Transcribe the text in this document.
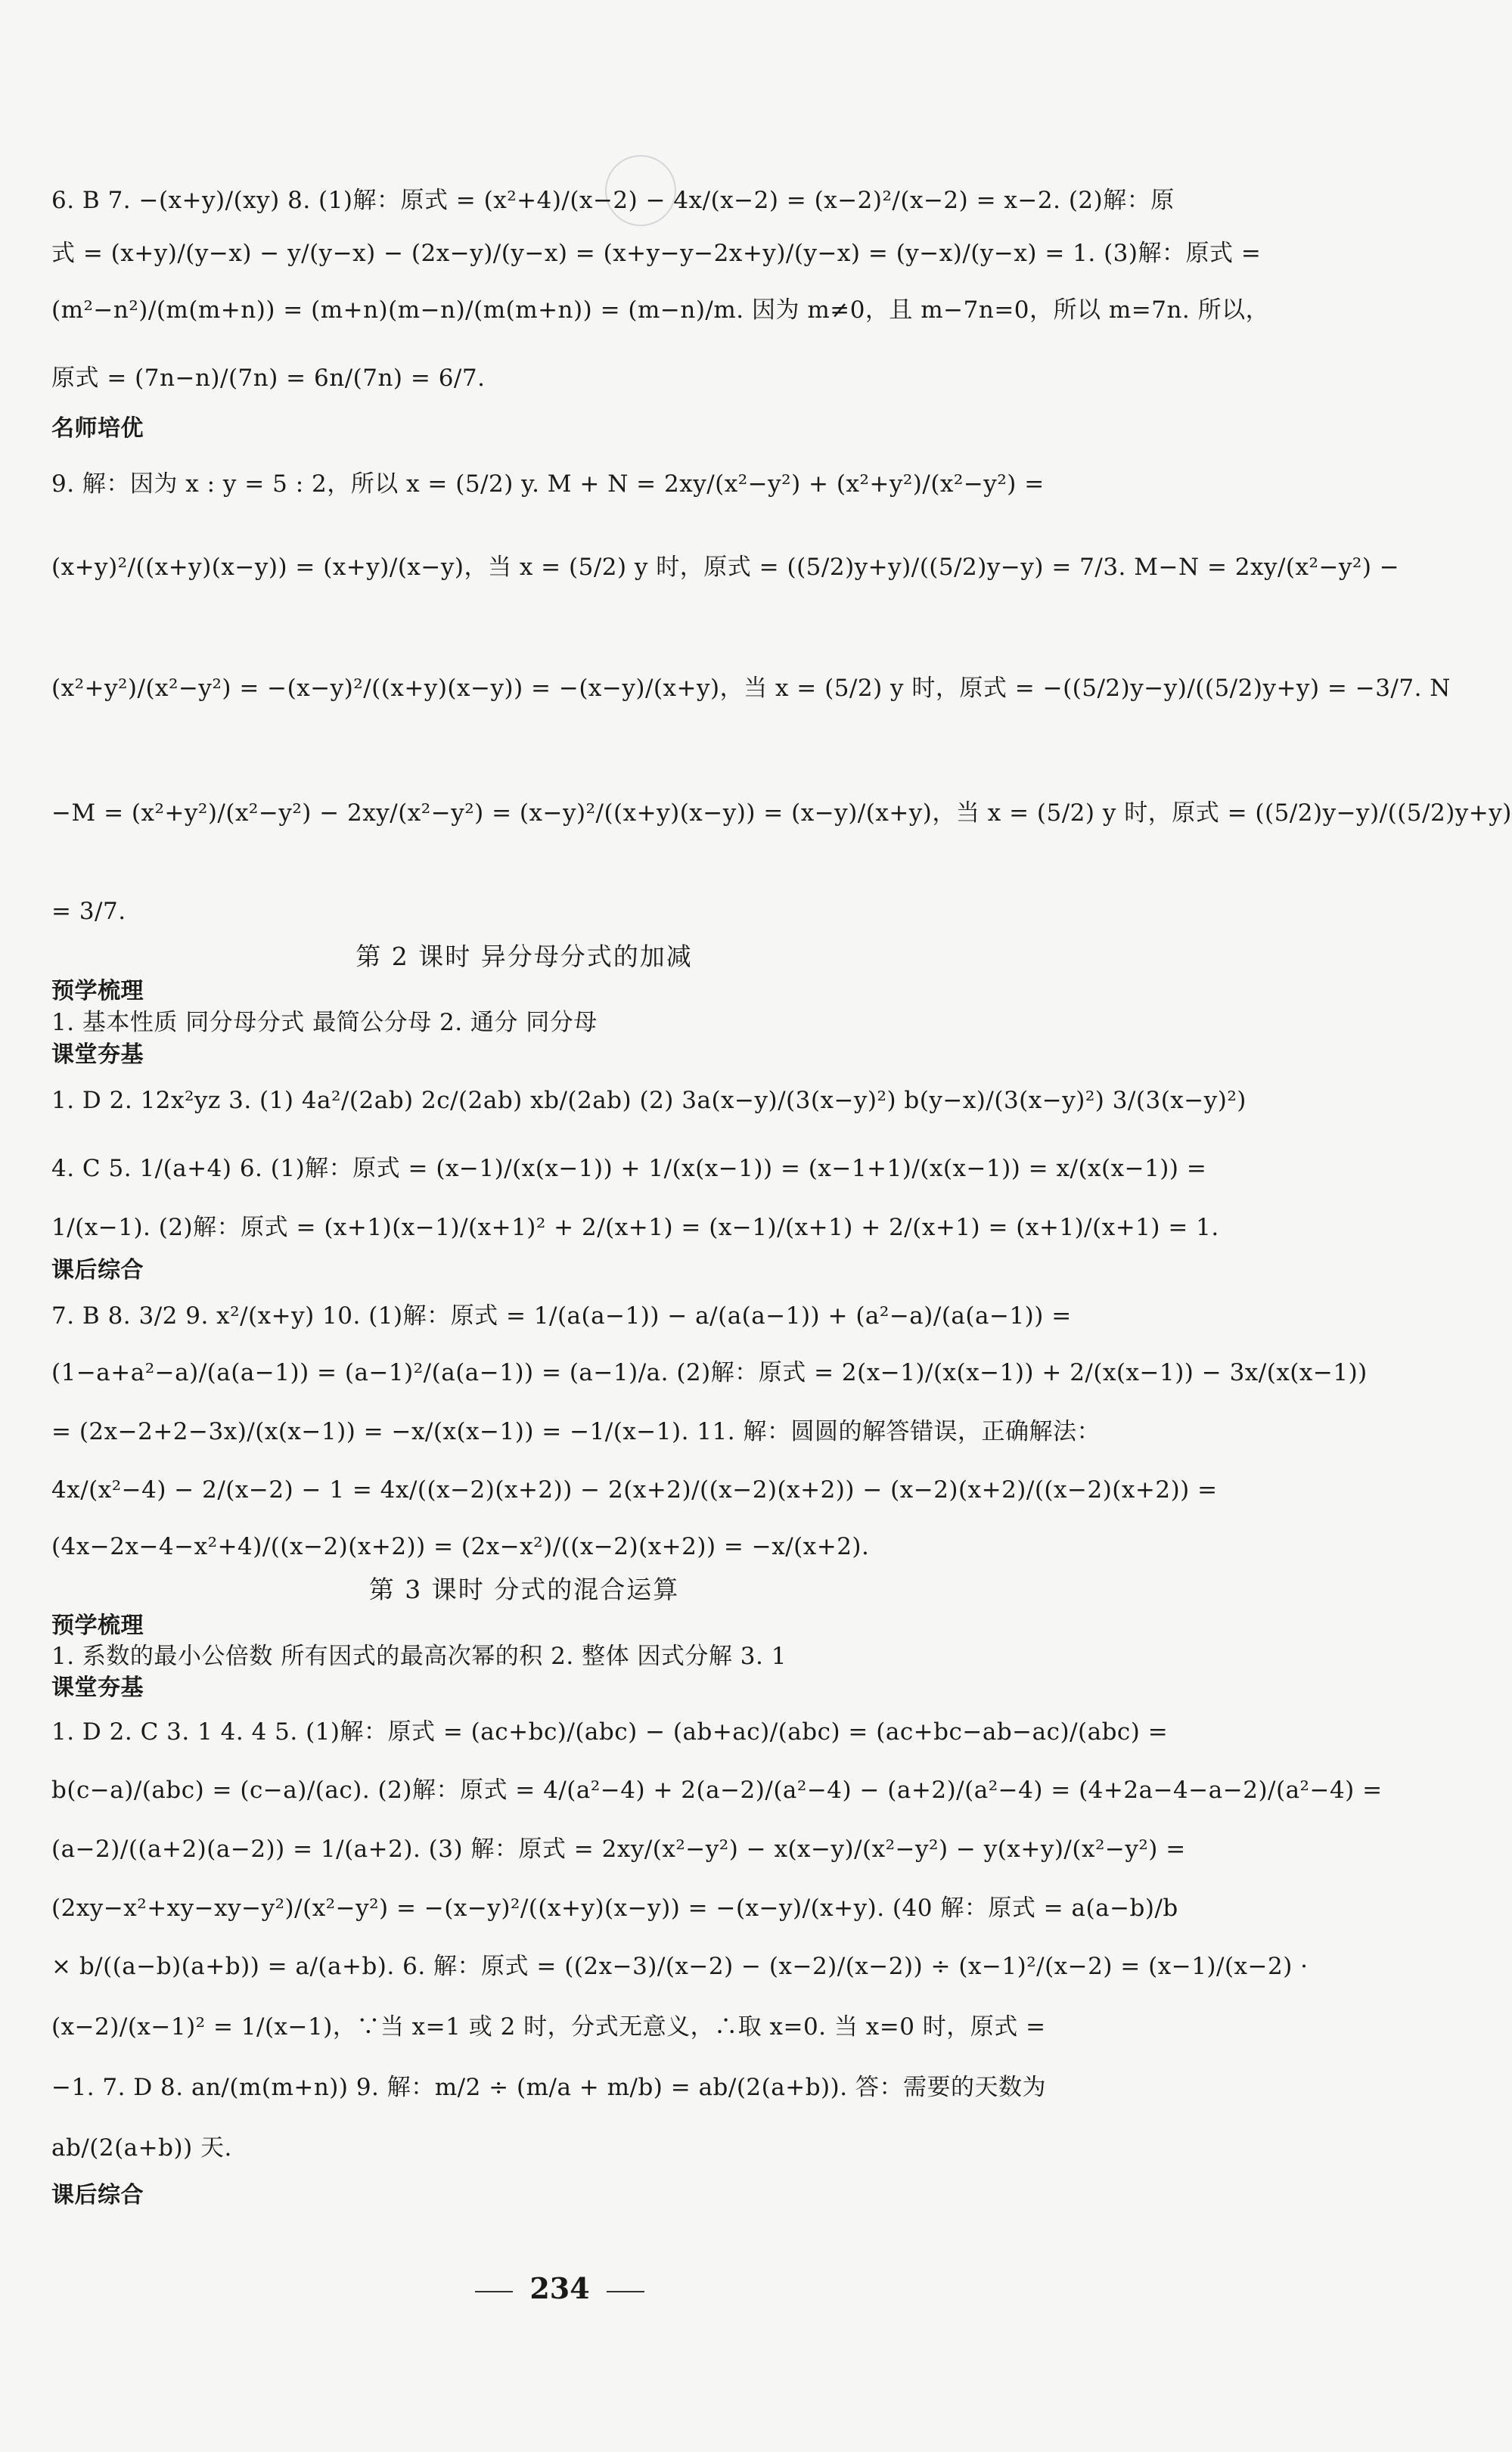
6. B 7. −(x+y)/(xy) 8. (1)解：原式 = (x²+4)/(x−2) − 4x/(x−2) = (x−2)²/(x−2) = x−2. (2)解：原
式 = (x+y)/(y−x) − y/(y−x) − (2x−y)/(y−x) = (x+y−y−2x+y)/(y−x) = (y−x)/(y−x) = 1. (3)解：原式 =
(m²−n²)/(m(m+n)) = (m+n)(m−n)/(m(m+n)) = (m−n)/m. 因为 m≠0，且 m−7n=0，所以 m=7n. 所以，
原式 = (7n−n)/(7n) = 6n/(7n) = 6/7.
名师培优
9. 解：因为 x : y = 5 : 2，所以 x = (5/2) y. M + N = 2xy/(x²−y²) + (x²+y²)/(x²−y²) =
(x+y)²/((x+y)(x−y)) = (x+y)/(x−y)，当 x = (5/2) y 时，原式 = ((5/2)y+y)/((5/2)y−y) = 7/3. M−N = 2xy/(x²−y²) −
(x²+y²)/(x²−y²) = −(x−y)²/((x+y)(x−y)) = −(x−y)/(x+y)，当 x = (5/2) y 时，原式 = −((5/2)y−y)/((5/2)y+y) = −3/7. N
−M = (x²+y²)/(x²−y²) − 2xy/(x²−y²) = (x−y)²/((x+y)(x−y)) = (x−y)/(x+y)，当 x = (5/2) y 时，原式 = ((5/2)y−y)/((5/2)y+y)
= 3/7.
第 2 课时 异分母分式的加减
预学梳理
1. 基本性质 同分母分式 最简公分母 2. 通分 同分母
课堂夯基
1. D 2. 12x²yz 3. (1) 4a²/(2ab) 2c/(2ab) xb/(2ab) (2) 3a(x−y)/(3(x−y)²) b(y−x)/(3(x−y)²) 3/(3(x−y)²)
4. C 5. 1/(a+4) 6. (1)解：原式 = (x−1)/(x(x−1)) + 1/(x(x−1)) = (x−1+1)/(x(x−1)) = x/(x(x−1)) =
1/(x−1). (2)解：原式 = (x+1)(x−1)/(x+1)² + 2/(x+1) = (x−1)/(x+1) + 2/(x+1) = (x+1)/(x+1) = 1.
课后综合
7. B 8. 3/2 9. x²/(x+y) 10. (1)解：原式 = 1/(a(a−1)) − a/(a(a−1)) + (a²−a)/(a(a−1)) =
(1−a+a²−a)/(a(a−1)) = (a−1)²/(a(a−1)) = (a−1)/a. (2)解：原式 = 2(x−1)/(x(x−1)) + 2/(x(x−1)) − 3x/(x(x−1))
= (2x−2+2−3x)/(x(x−1)) = −x/(x(x−1)) = −1/(x−1). 11. 解：圆圆的解答错误，正确解法：
4x/(x²−4) − 2/(x−2) − 1 = 4x/((x−2)(x+2)) − 2(x+2)/((x−2)(x+2)) − (x−2)(x+2)/((x−2)(x+2)) =
(4x−2x−4−x²+4)/((x−2)(x+2)) = (2x−x²)/((x−2)(x+2)) = −x/(x+2).
第 3 课时 分式的混合运算
预学梳理
1. 系数的最小公倍数 所有因式的最高次幂的积 2. 整体 因式分解 3. 1
课堂夯基
1. D 2. C 3. 1 4. 4 5. (1)解：原式 = (ac+bc)/(abc) − (ab+ac)/(abc) = (ac+bc−ab−ac)/(abc) =
b(c−a)/(abc) = (c−a)/(ac). (2)解：原式 = 4/(a²−4) + 2(a−2)/(a²−4) − (a+2)/(a²−4) = (4+2a−4−a−2)/(a²−4) =
(a−2)/((a+2)(a−2)) = 1/(a+2). (3) 解：原式 = 2xy/(x²−y²) − x(x−y)/(x²−y²) − y(x+y)/(x²−y²) =
(2xy−x²+xy−xy−y²)/(x²−y²) = −(x−y)²/((x+y)(x−y)) = −(x−y)/(x+y). (40 解：原式 = a(a−b)/b
× b/((a−b)(a+b)) = a/(a+b). 6. 解：原式 = ((2x−3)/(x−2) − (x−2)/(x−2)) ÷ (x−1)²/(x−2) = (x−1)/(x−2) ·
(x−2)/(x−1)² = 1/(x−1)，∵当 x=1 或 2 时，分式无意义，∴取 x=0. 当 x=0 时，原式 =
−1. 7. D 8. an/(m(m+n)) 9. 解：m/2 ÷ (m/a + m/b) = ab/(2(a+b)). 答：需要的天数为
ab/(2(a+b)) 天.
课后综合
234
